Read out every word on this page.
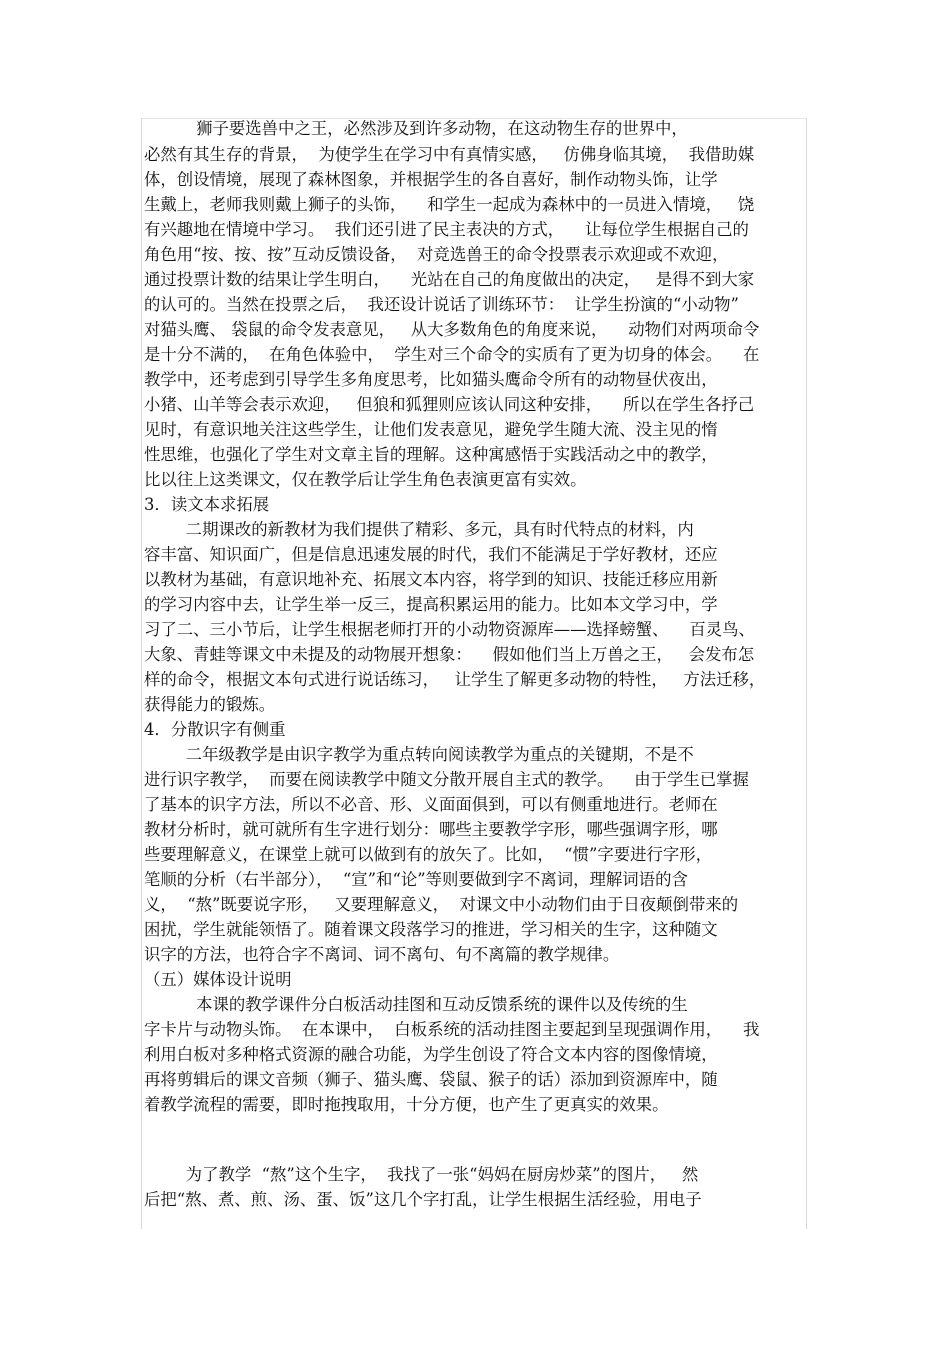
狮子要选兽中之王，必然涉及到许多动物，在这动物生存的世界中，
必然有其生存的背景，  为使学生在学习中有真情实感，   仿佛身临其境，  我借助媒
体，创设情境，展现了森林图象，并根据学生的各自喜好，制作动物头饰，让学
生戴上，老师我则戴上狮子的头饰，    和学生一起成为森林中的一员进入情境，   饶
有兴趣地在情境中学习。  我们还引进了民主表决的方式，    让每位学生根据自己的
角色用“按、按、按”互动反馈设备，  对竞选兽王的命令投票表示欢迎或不欢迎，
通过投票计数的结果让学生明白，    光站在自己的角度做出的决定，   是得不到大家
的认可的。当然在投票之后，  我还设计说话了训练环节：  让学生扮演的“小动物”
对猫头鹰、 袋鼠的命令发表意见，   从大多数角色的角度来说，    动物们对两项命令
是十分不满的，  在角色体验中，  学生对三个命令的实质有了更为切身的体会。    在
教学中，还考虑到引导学生多角度思考，比如猫头鹰命令所有的动物昼伏夜出，
小猪、山羊等会表示欢迎，   但狼和狐狸则应该认同这种安排，    所以在学生各抒己
见时，有意识地关注这些学生，让他们发表意见，避免学生随大流、没主见的惰
性思维，也强化了学生对文章主旨的理解。这种寓感悟于实践活动之中的教学，
比以往上这类课文，仅在教学后让学生角色表演更富有实效。
3．读文本求拓展
二期课改的新教材为我们提供了精彩、多元，具有时代特点的材料，内
容丰富、知识面广，但是信息迅速发展的时代，我们不能满足于学好教材，还应
以教材为基础，有意识地补充、拓展文本内容，将学到的知识、技能迁移应用新
的学习内容中去，让学生举一反三，提高积累运用的能力。比如本文学习中，学
习了二、三小节后，让学生根据老师打开的小动物资源库——选择螃蟹、    百灵鸟、
大象、青蛙等课文中未提及的动物展开想象：    假如他们当上万兽之王，   会发布怎
样的命令，根据文本句式进行说话练习，   让学生了解更多动物的特性，   方法迁移，
获得能力的锻炼。
4．分散识字有侧重
二年级教学是由识字教学为重点转向阅读教学为重点的关键期，不是不
进行识字教学，  而要在阅读教学中随文分散开展自主式的教学。    由于学生已掌握
了基本的识字方法，所以不必音、形、义面面俱到，可以有侧重地进行。老师在
教材分析时，就可就所有生字进行划分：哪些主要教学字形，哪些强调字形，哪
些要理解意义，在课堂上就可以做到有的放矢了。比如，  “惯”字要进行字形，
笔顺的分析（右半部分），  “宣”和“论”等则要做到字不离词，理解词语的含
义，  “熬”既要说字形，   又要理解意义，  对课文中小动物们由于日夜颠倒带来的
困扰，学生就能领悟了。随着课文段落学习的推进，学习相关的生字，这种随文
识字的方法，也符合字不离词、词不离句、句不离篇的教学规律。
（五）媒体设计说明
本课的教学课件分白板活动挂图和互动反馈系统的课件以及传统的生
字卡片与动物头饰。  在本课中，  白板系统的活动挂图主要起到呈现强调作用，    我
利用白板对多种格式资源的融合功能，为学生创设了符合文本内容的图像情境，
再将剪辑后的课文音频（狮子、猫头鹰、袋鼠、猴子的话）添加到资源库中，随
着教学流程的需要，即时拖拽取用，十分方便，也产生了更真实的效果。
为了教学  “熬”这个生字，  我找了一张“妈妈在厨房炒菜”的图片，   然
后把“熬、煮、煎、汤、蛋、饭”这几个字打乱，让学生根据生活经验，用电子
